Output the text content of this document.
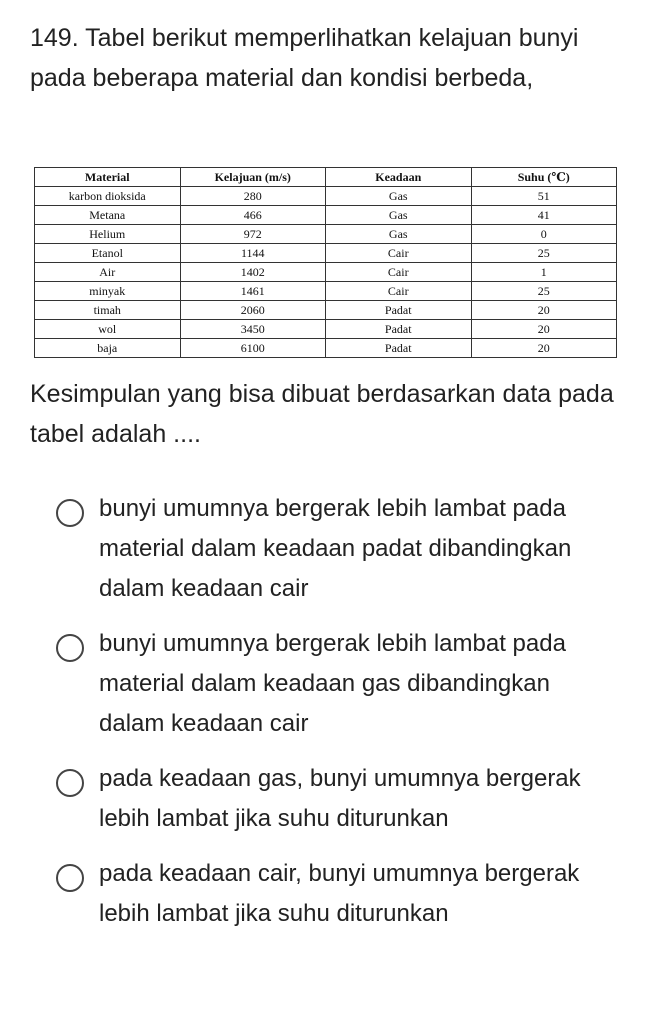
149. Tabel berikut memperlihatkan kelajuan bunyi pada beberapa material dan kondisi berbeda,
Material	Kelajuan (m/s)	Keadaan	Suhu (℃)
karbon dioksida	280	Gas	51
Metana	466	Gas	41
Helium	972	Gas	0
Etanol	1144	Cair	25
Air	1402	Cair	1
minyak	1461	Cair	25
timah	2060	Padat	20
wol	3450	Padat	20
baja	6100	Padat	20
Kesimpulan yang bisa dibuat berdasarkan data pada tabel adalah ....
bunyi umumnya bergerak lebih lambat pada material dalam keadaan padat dibandingkan dalam keadaan cair
bunyi umumnya bergerak lebih lambat pada material dalam keadaan gas dibandingkan dalam keadaan cair
pada keadaan gas, bunyi umumnya bergerak lebih lambat jika suhu diturunkan
pada keadaan cair, bunyi umumnya bergerak lebih lambat jika suhu diturunkan
